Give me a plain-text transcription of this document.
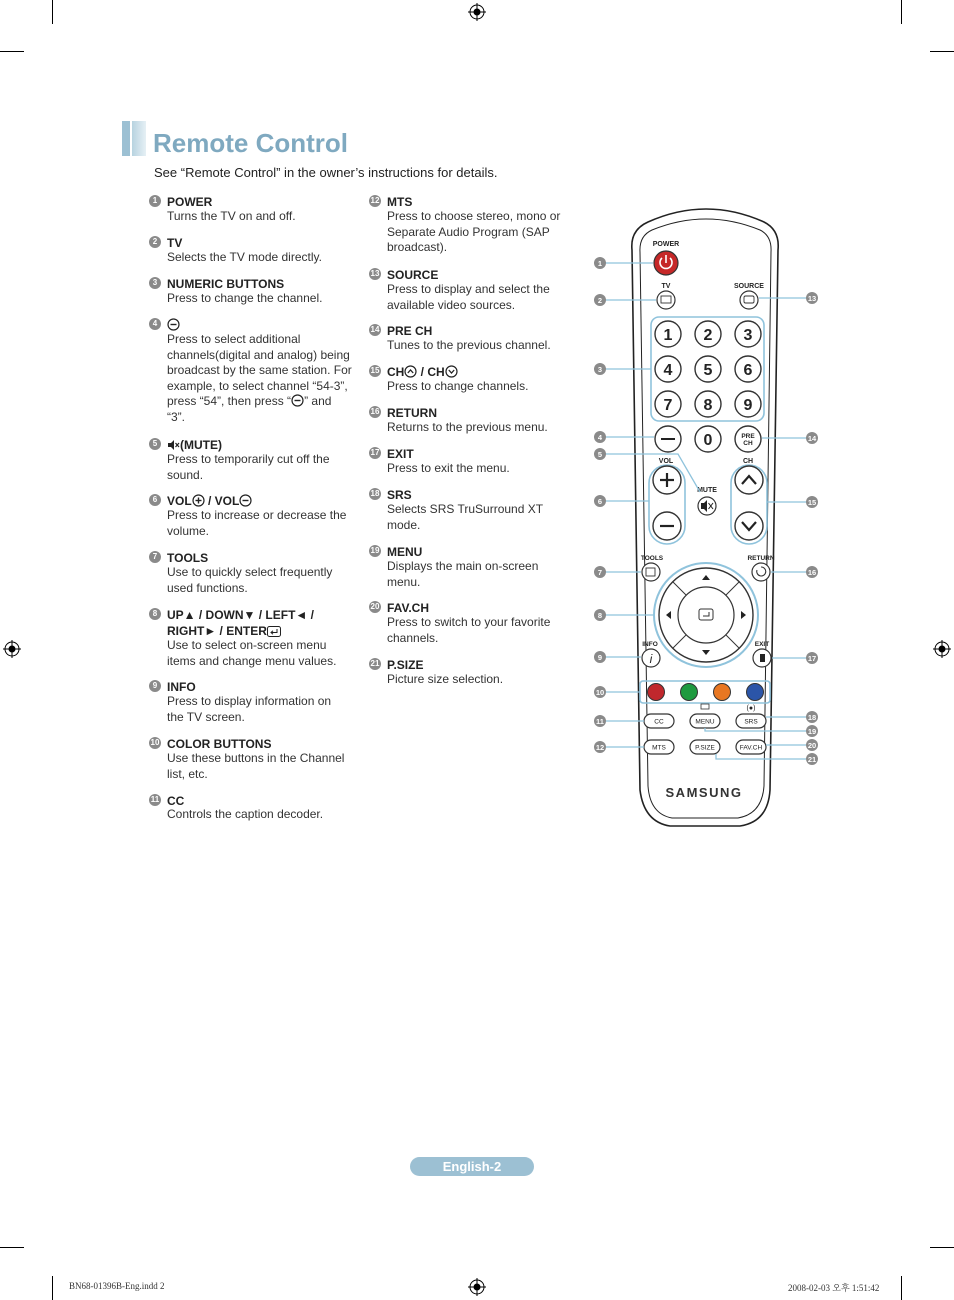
Remote Control
See “Remote Control” in the owner’s instructions for details.
1 POWER
Turns the TV on and off.
2 TV
Selects the TV mode directly.
3 NUMERIC BUTTONS
Press to change the channel.
4
Press to select additional channels(digital and analog) being broadcast by the same station. For example, to select channel “54-3”, press “54”, then press “ ” and “3”.
5	(MUTE)
Press to temporarily cut off the sound.
6 VOL / VOL
Press to increase or decrease the volume.
7 TOOLS
Use to quickly select frequently used functions.
8 UP▲ / DOWN▼ / LEFT◄ /
RIGHT► / ENTER
Use to select on-screen menu items and change menu values.
9 INFO
Press to display information on the TV screen.
10 COLOR BUTTONS
Use these buttons in the Channel list, etc.
11 CC
Controls the caption decoder.
12 MTS
Press to choose stereo, mono or Separate Audio Program (SAP broadcast).
13 SOURCE
Press to display and select the available video sources.
14 PRE CH
Tunes to the previous channel.
15 CH / CH
Press to change channels.
16 RETURN
Returns to the previous menu.
17 EXIT
Press to exit the menu.
18 SRS
Selects SRS TruSurround XT mode.
19 MENU
Displays the main on-screen menu.
20 FAV.CH
Press to switch to your favorite channels.
21 P.SIZE
Picture size selection.
POWER
TV	SOURCE
1 2 3
4 5 6
7 8 9
0	PRE
CH
VOL	CH
MUTE
TOOLS	RETURN
INFO
i
EXIT
(●)
CC	MENU	SRS
MTS	P.SIZE	FAV.CH
SAMSUNG
1
2
3
4
5
6
7
8
9
10
11
12
13
14
15
16
17
18
19
20
21
English-2
BN68-01396B-Eng.indd 2	2008-02-03 오후 1:51:42
